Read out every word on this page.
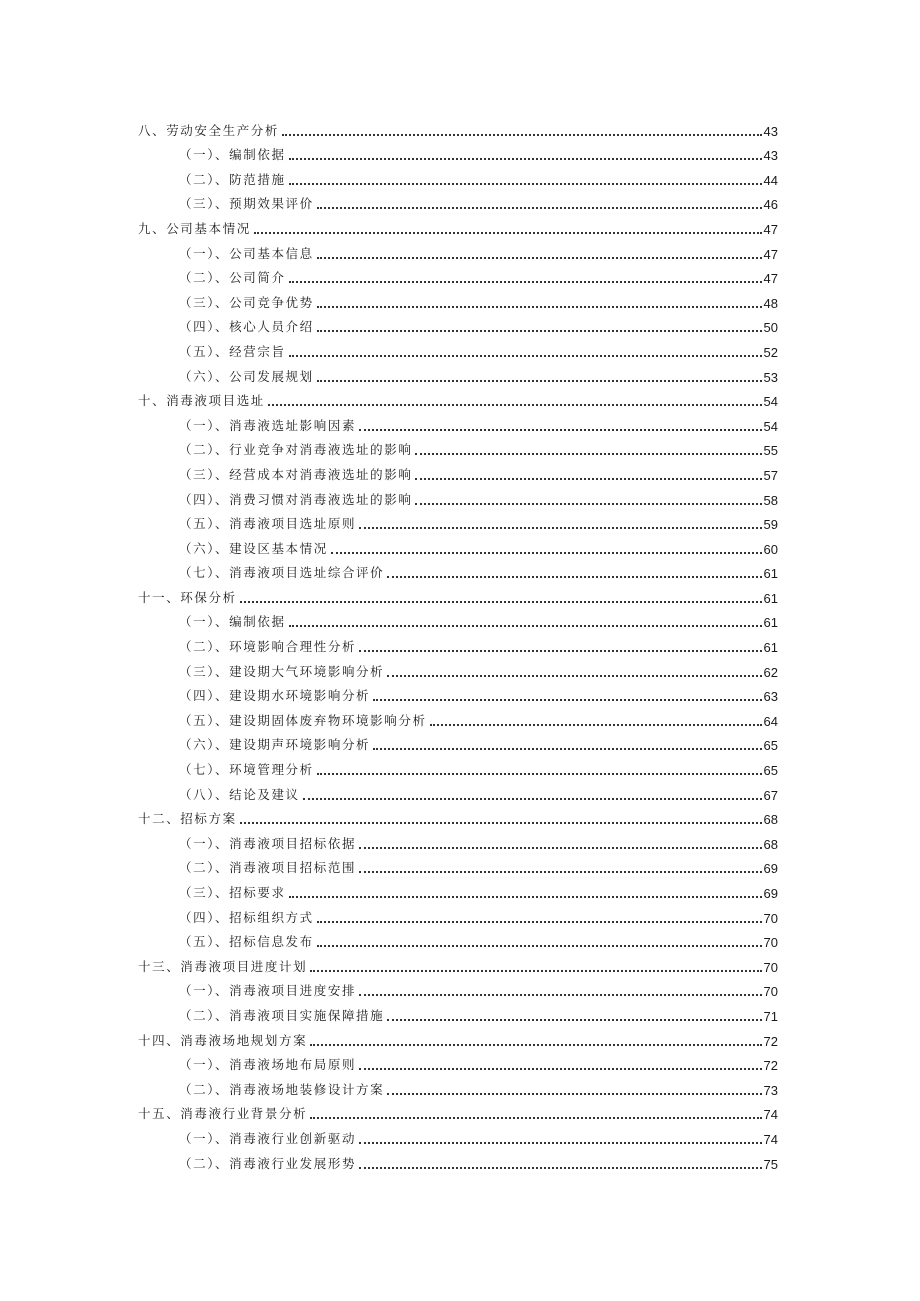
八、劳动安全生产分析	43
（一）、编制依据	43
（二）、防范措施	44
（三）、预期效果评价	46
九、公司基本情况	47
（一）、公司基本信息	47
（二）、公司简介	47
（三）、公司竞争优势	48
（四）、核心人员介绍	50
（五）、经营宗旨	52
（六）、公司发展规划	53
十、消毒液项目选址	54
（一）、消毒液选址影响因素	54
（二）、行业竞争对消毒液选址的影响	55
（三）、经营成本对消毒液选址的影响	57
（四）、消费习惯对消毒液选址的影响	58
（五）、消毒液项目选址原则	59
（六）、建设区基本情况	60
（七）、消毒液项目选址综合评价	61
十一、环保分析	61
（一）、编制依据	61
（二）、环境影响合理性分析	61
（三）、建设期大气环境影响分析	62
（四）、建设期水环境影响分析	63
（五）、建设期固体废弃物环境影响分析	64
（六）、建设期声环境影响分析	65
（七）、环境管理分析	65
（八）、结论及建议	67
十二、招标方案	68
（一）、消毒液项目招标依据	68
（二）、消毒液项目招标范围	69
（三）、招标要求	69
（四）、招标组织方式	70
（五）、招标信息发布	70
十三、消毒液项目进度计划	70
（一）、消毒液项目进度安排	70
（二）、消毒液项目实施保障措施	71
十四、消毒液场地规划方案	72
（一）、消毒液场地布局原则	72
（二）、消毒液场地装修设计方案	73
十五、消毒液行业背景分析	74
（一）、消毒液行业创新驱动	74
（二）、消毒液行业发展形势	75
